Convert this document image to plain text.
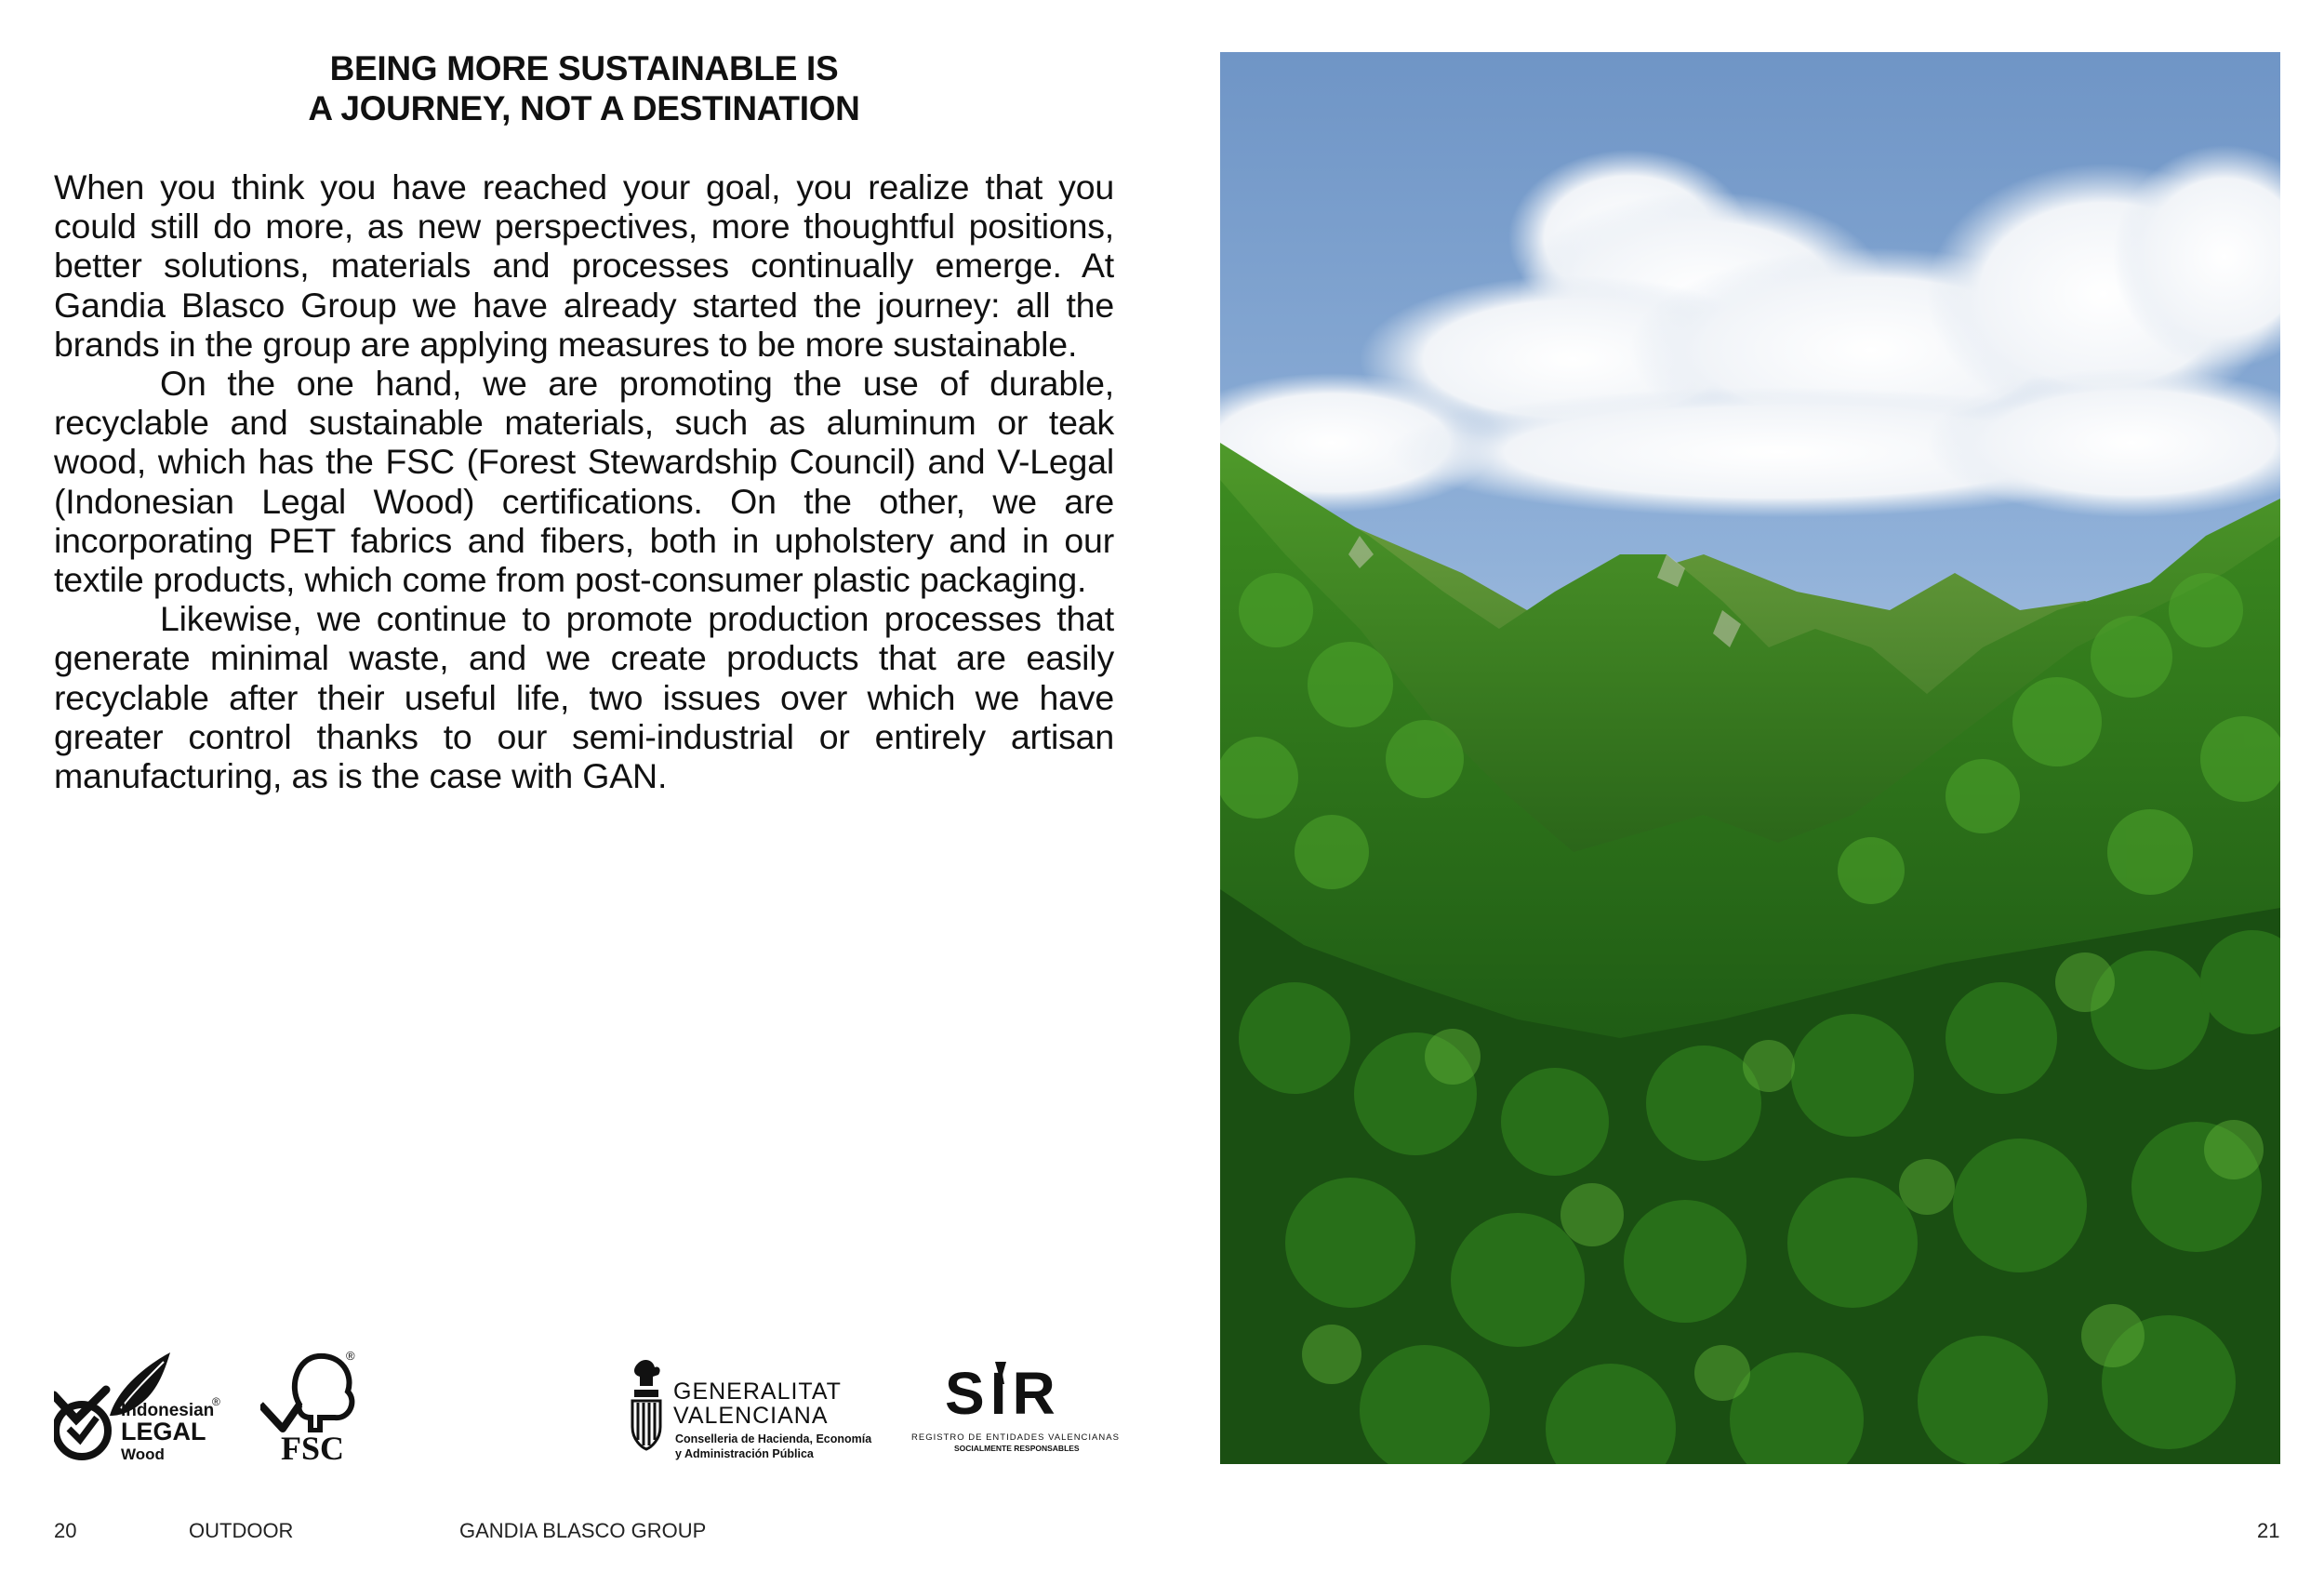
BEING MORE SUSTAINABLE IS
A JOURNEY, NOT A DESTINATION

When you think you have reached your goal, you realize that you could still do more, as new perspectives, more thoughtful positions, better solutions, materials and processes continually emerge. At Gandia Blasco Group we have already started the journey: all the brands in the group are applying measures to be more sustainable.

On the one hand, we are promoting the use of durable, recyclable and sustainable materials, such as aluminum or teak wood, which has the FSC (Forest Stewardship Council) and V-Legal (Indonesian Legal Wood) certifications. On the other, we are incorporating PET fabrics and fibers, both in upholstery and in our textile products, which come from post-consumer plastic packaging.

Likewise, we continue to promote production processes that generate minimal waste, and we create products that are easily recyclable after their useful life, two issues over which we have greater control thanks to our semi-industrial or entirely artisan manufacturing, as is the case with GAN.

Indonesian
LEGAL
Wood
®
FSC
®
GENERALITAT
VALENCIANA
Conselleria de Hacienda, Economía
y Administración Pública
SIR
REGISTRO DE ENTIDADES VALENCIANAS
SOCIALMENTE RESPONSABLES
20	OUTDOOR	GANDIA BLASCO GROUP	21
